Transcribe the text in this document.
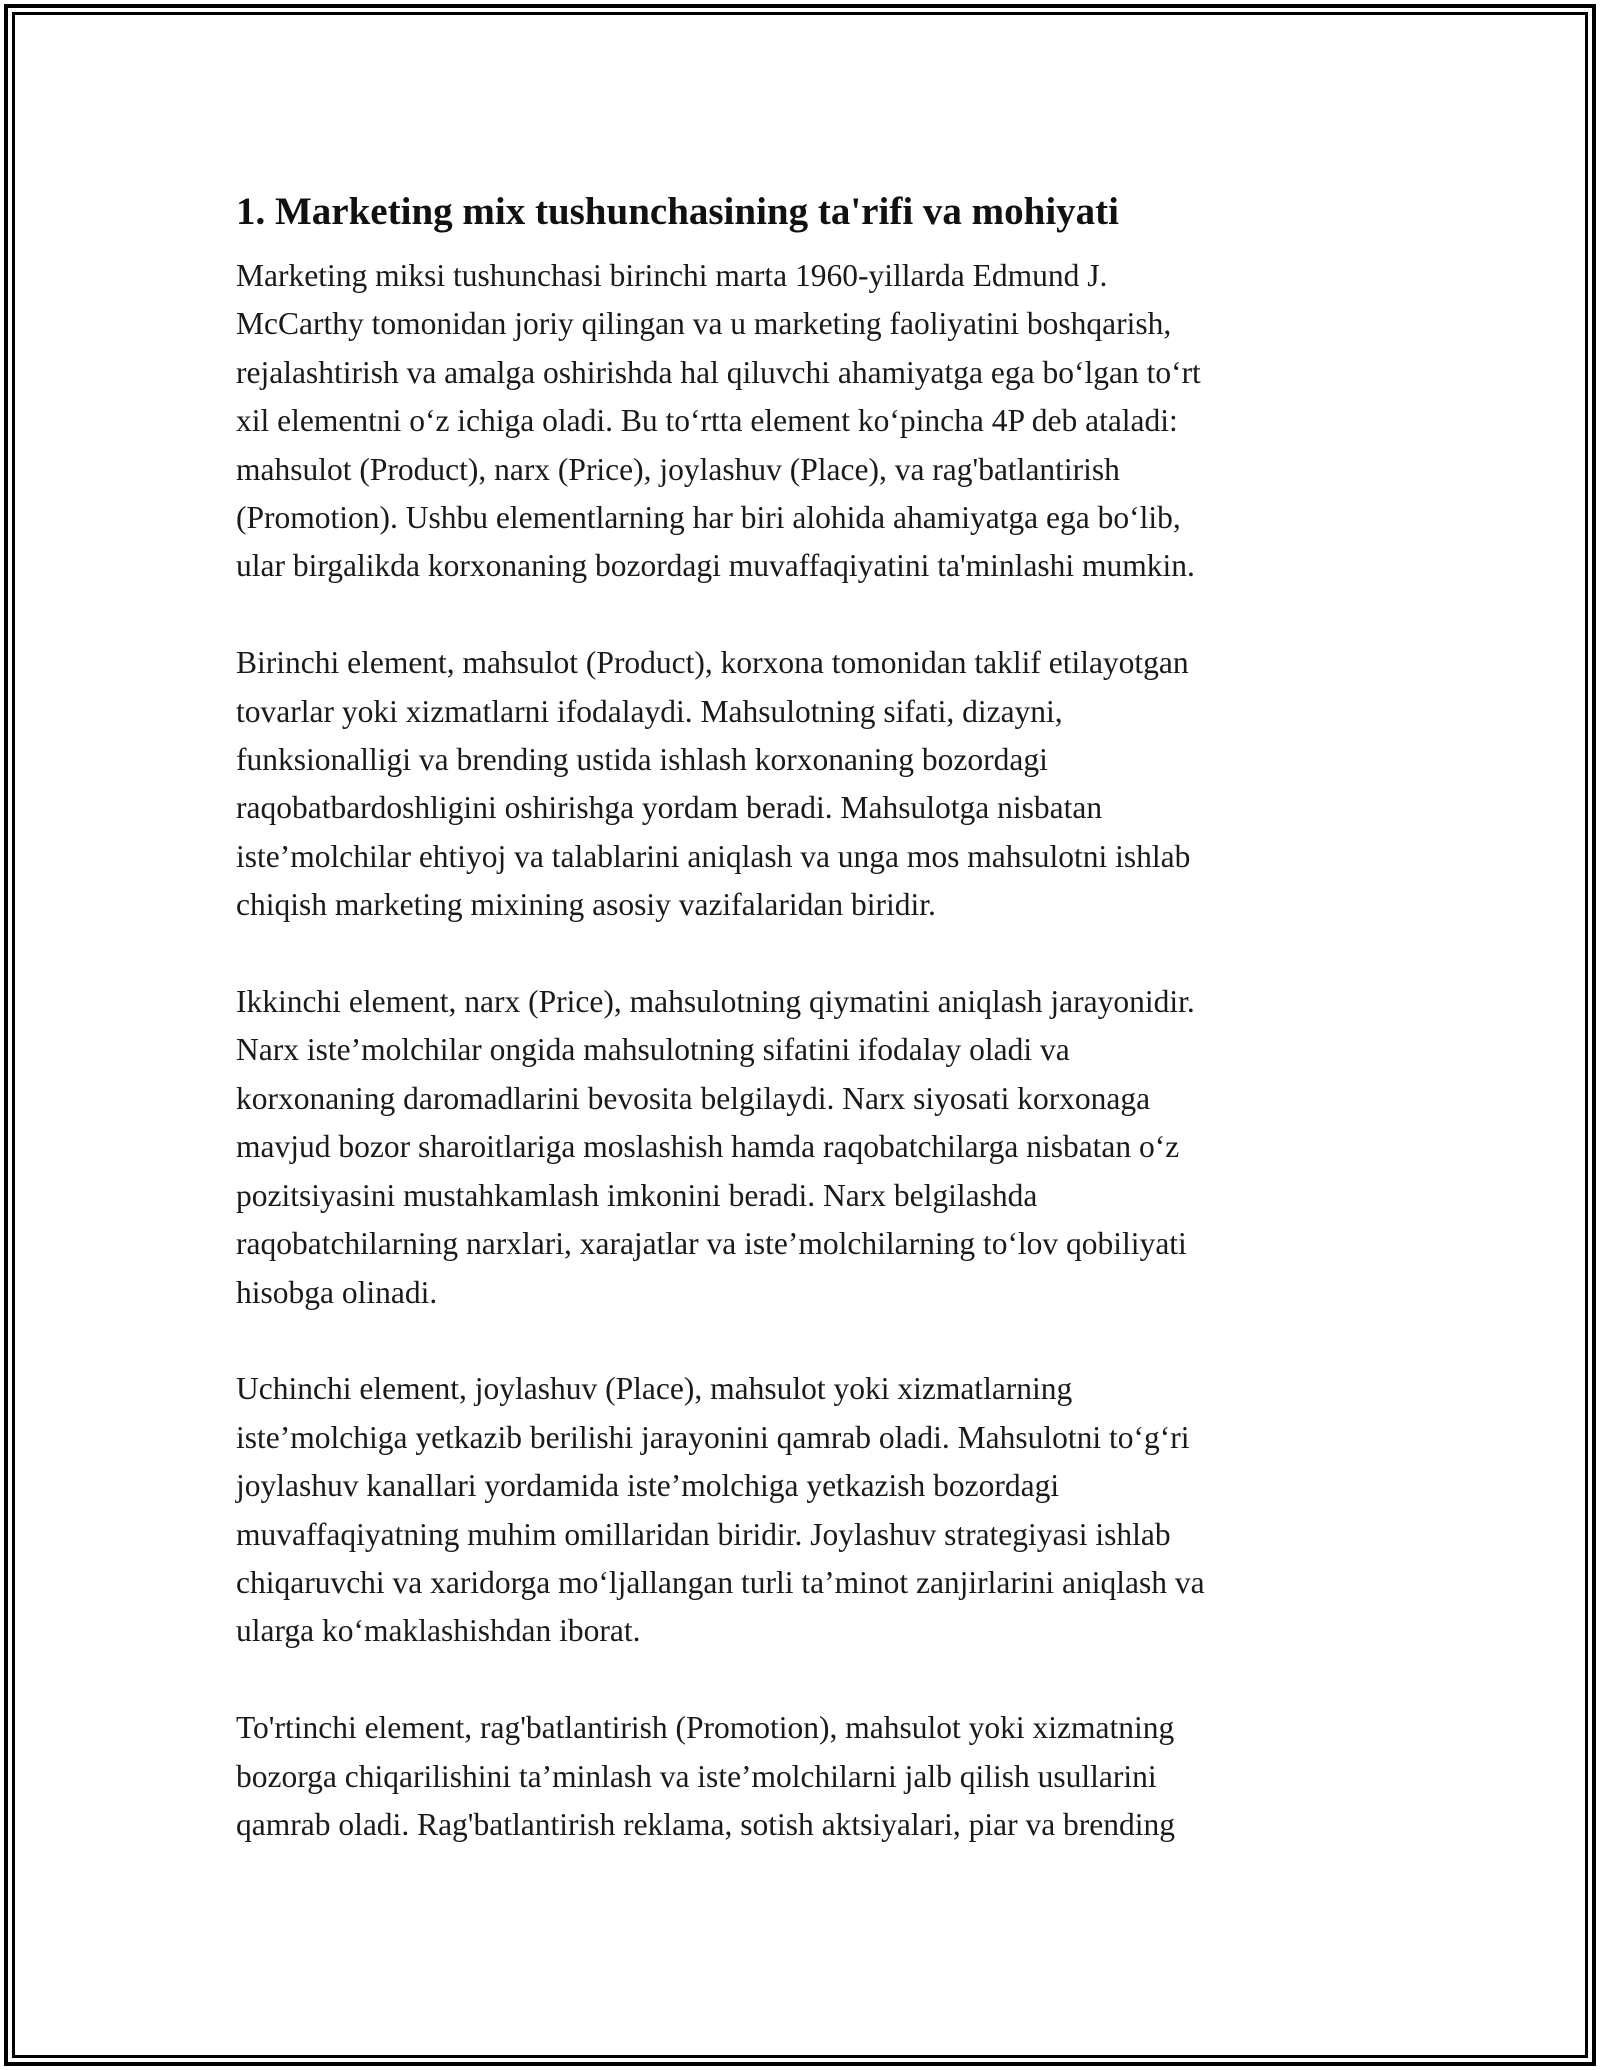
1. Marketing mix tushunchasining ta'rifi va mohiyati
Marketing miksi tushunchasi birinchi marta 1960-yillarda Edmund J.
McCarthy tomonidan joriy qilingan va u marketing faoliyatini boshqarish,
rejalashtirish va amalga oshirishda hal qiluvchi ahamiyatga ega bo‘lgan to‘rt
xil elementni o‘z ichiga oladi. Bu to‘rtta element ko‘pincha 4P deb ataladi:
mahsulot (Product), narx (Price), joylashuv (Place), va rag'batlantirish
(Promotion). Ushbu elementlarning har biri alohida ahamiyatga ega bo‘lib,
ular birgalikda korxonaning bozordagi muvaffaqiyatini ta'minlashi mumkin.
Birinchi element, mahsulot (Product), korxona tomonidan taklif etilayotgan
tovarlar yoki xizmatlarni ifodalaydi. Mahsulotning sifati, dizayni,
funksionalligi va brending ustida ishlash korxonaning bozordagi
raqobatbardoshligini oshirishga yordam beradi. Mahsulotga nisbatan
iste’molchilar ehtiyoj va talablarini aniqlash va unga mos mahsulotni ishlab
chiqish marketing mixining asosiy vazifalaridan biridir.
Ikkinchi element, narx (Price), mahsulotning qiymatini aniqlash jarayonidir.
Narx iste’molchilar ongida mahsulotning sifatini ifodalay oladi va
korxonaning daromadlarini bevosita belgilaydi. Narx siyosati korxonaga
mavjud bozor sharoitlariga moslashish hamda raqobatchilarga nisbatan o‘z
pozitsiyasini mustahkamlash imkonini beradi. Narx belgilashda
raqobatchilarning narxlari, xarajatlar va iste’molchilarning to‘lov qobiliyati
hisobga olinadi.
Uchinchi element, joylashuv (Place), mahsulot yoki xizmatlarning
iste’molchiga yetkazib berilishi jarayonini qamrab oladi. Mahsulotni to‘g‘ri
joylashuv kanallari yordamida iste’molchiga yetkazish bozordagi
muvaffaqiyatning muhim omillaridan biridir. Joylashuv strategiyasi ishlab
chiqaruvchi va xaridorga mo‘ljallangan turli ta’minot zanjirlarini aniqlash va
ularga ko‘maklashishdan iborat.
To'rtinchi element, rag'batlantirish (Promotion), mahsulot yoki xizmatning
bozorga chiqarilishini ta’minlash va iste’molchilarni jalb qilish usullarini
qamrab oladi. Rag'batlantirish reklama, sotish aktsiyalari, piar va brending
